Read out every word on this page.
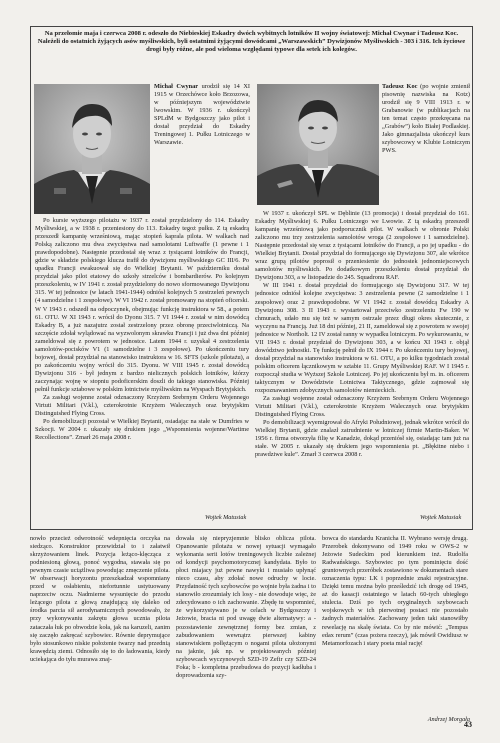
Na przełomie maja i czerwca 2008 r. odeszło do Niebieskiej Eskadry dwóch wybitnych lotników II wojny światowej: Michał Cwynar i Tadeusz Koc. Należeli do ostatnich żyjących asów myśliwskich, byli ostatnimi żyjącymi dowódcami „Warszawskich” Dywizjonów Myśliwskich - 303 i 316. Ich życiowe drogi były różne, ale pod wieloma względami typowe dla setek ich kolegów.

Michał Cwynar urodził się 14 XI 1915 w Orzechówce koło Brzozowa, w późniejszym województwie lwowskim. W 1936 r. ukończył SPLdM w Bydgoszczy jako pilot i dostał przydział do Eskadry Treningowej 1. Pułku Lotniczego w Warszawie.

Po kursie wyższego pilotażu w 1937 r. został przydzielony do 114. Eskadry Myśliwskiej, a w 1938 r. przeniesiony do 113. Eskadry tegoż pułku. Z tą eskadrą przeszedł kampanię wrześniową, mając stopień kaprala pilota. W walkach nad Polską zaliczono mu dwa zwycięstwa nad samolotami Luftwaffe (1 pewne i 1 prawdopodobne). Następnie przedostał się wraz z tysiącami lotników do Francji, gdzie w składzie polskiego klucza trafił do dywizjonu myśliwskiego GC III/6. Po upadku Francji ewakuował się do Wielkiej Brytanii. W październiku dostał przydział jako pilot etatowy do szkoły strzelców i bombardierów. Po kolejnym przeszkoleniu, w IV 1941 r. został przydzielony do nowo sformowanego Dywizjonu 315. W tej jednostce (w latach 1941-1944) odniósł kolejnych 5 zestrzeleń pewnych (4 samodzielne i 1 zespołowe). W VI 1942 r. został promowany na stopień oficerski. W V 1943 r. odszedł na odpoczynek, obejmując funkcję instruktora w 58., a potem 61. OTU. W XI 1943 r. wrócił do Dyonu 315. 7 VI 1944 r. został w nim dowódcą Eskadry B, a już nazajutrz został zestrzelony przez obronę przeciwlotniczą. Na szczęście zdołał wylądować na wyzwolonym skrawku Francji i już dwa dni później zameldował się z powrotem w jednostce. Latem 1944 r. uzyskał 4 zestrzelenia samolotów-pocisków V1 (1 samodzielne i 3 zespołowe). Po ukończeniu tury bojowej, dostał przydział na stanowisko instruktora w 16. SFTS (szkole pilotażu), a po zakończeniu wojny wrócił do 315. Dyonu. W VIII 1945 r. został dowódcą Dywizjonu 316 - był jednym z bardzo nielicznych polskich lotników, którzy zaczynając wojnę w stopniu podoficerskim doszli do takiego stanowiska. Później pełnił funkcje sztabowe w polskim lotnictwie myśliwskim na Wyspach Brytyjskich.

Za zasługi wojenne został odznaczony Krzyżem Srebrnym Orderu Wojennego Virtuti Militari (V.kl.), czterokrotnie Krzyżem Walecznych oraz brytyjskim Distinguished Flying Cross.

Po demobilizacji pozostał w Wielkiej Brytanii, osiadając na stałe w Dumfries w Szkocji. W 2004 r. ukazały się drukiem jego „Wspomnienia wojenne/Wartime Recollections”. Zmarł 26 maja 2008 r.

Wojtek Matusiak

Tadeusz Koc (po wojnie zmienił pisownię nazwiska na Kotz) urodził się 9 VIII 1913 r. w Grabanowie (w publikacjach na ten temat często przekręcana na „Grabów”) koło Białej Podlaskiej. Jako gimnazjalista ukończył kurs szybowcowy w Klubie Lotniczym PWS.

W 1937 r. ukończył SPL w Dęblinie (13 promocja) i dostał przydział do 161. Eskadry Myśliwskiej 6. Pułku Lotniczego we Lwowie. Z tą eskadrą przeszedł kampanię wrześniową jako podporucznik pilot. W walkach w obronie Polski zaliczono mu trzy zestrzelenia samolotów wroga (2 zespołowe i 1 samodzielne). Następnie przedostał się wraz z tysiącami lotników do Francji, a po jej upadku - do Wielkiej Brytanii. Dostał przydział do formującego się Dywizjonu 307, ale wkrótce wraz grupą pilotów poprosił o przeniesienie do jednostek jednomiejscowych samolotów myśliwskich. Po dodatkowym przeszkoleniu dostał przydział do Dywizjonu 303, a w listopadzie do 245. Squadronu RAF.

W III 1941 r. dostał przydział do formującego się Dywizjonu 317. W tej jednostce odniósł kolejne zwycięstwa: 3 zestrzelenia pewne (2 samodzielne i 1 zespołowe) oraz 2 prawdopodobne. W VI 1942 r. został dowódcą Eskadry A Dywizjonu 308. 3 II 1943 r. wystartował przeciwko zestrzeleniu Fw 190 w chmurach, udało mu się też w samym ostrzale przez długi okres skutecznie, z wyczynu na Francją. Już 18 dni później, 21 II, zameldował się z powrotem w swojej jednostce w Northolt. 12 IV został ranny w wypadku lotniczym. Po wykurowaniu, w VII 1943 r. dostał przydział do Dywizjonu 303, a w końcu XI 1943 r. objął dowództwo jednostki. Tę funkcję pełnił do IX 1944 r. Po ukończeniu tury bojowej, dostał przydział na stanowisko instruktora w 61. OTU, a po kilku tygodniach został polskim oficerem łącznikowym w sztabie 11. Grupy Myśliwskiej RAF. W I 1945 r. rozpoczął studia w Wyższej Szkole Lotniczej. Po jej ukończeniu był m. in. oficerem taktycznym w Dowództwie Lotnictwa Taktycznego, gdzie zajmował się rozpoznawaniem zdobycznych samolotów niemieckich.

Za zasługi wojenne został odznaczony Krzyżem Srebrnym Orderu Wojennego Virtuti Militari (V.kl.), czterokrotnie Krzyżem Walecznych oraz brytyjskim Distinguished Flying Cross.

Po demobilizacji wyemigrował do Afryki Południowej, jednak wkrótce wrócił do Wielkiej Brytanii, gdzie znalazł zatrudnienie w lotniczej firmie Martin-Baker. W 1956 r. firma otworzyła filię w Kanadzie, dokąd przeniósł się, osiadając tam już na stałe. W 2005 r. ukazały się drukiem jego wspomnienia pt. „Błękitne niebo i prawdziwe kule”. Zmarł 3 czerwca 2008 r.

Wojtek Matusiak

nowło przecież odwrotność wdepnięcia orczyka na siedząco. Konstruktor przewidział to i załatwił skrzyżowaniem linek. Pozycja leżąco-klęcząca z podniesioną głową, ponoć wygodna, stawała się po pewnym czasie uciążliwa powodując zmęczenie pilota. W obserwacji horyzontu przeszkadzał wspomniany przed w osłabieniu, niefortunnie ustytuowany naprzeciw oczu. Nadmierne wysunięcie do przodu leżącego pilota z głową znajdującą się daleko od środka parcia sił aerodynamicznych powodowało, że przy wykonywaniu zakrętu głowa ucznia pilota zataczała łuk po obwodzie koła, jak na karuzeli, zanim się zaczęło zakręcać szybowiec. Równie deprymujące było stosunkowo niskie położenie twarzy nad przednią krawędzią ziemi. Odnosiło się to do ładowania, kiedy uciekająca do tyłu murawa znaj-

dowała się niepryzjemnie blisko oblicza pilota. Opanowanie pilotażu w nowej sytuacji wymagało wykonania serii lotów treningowych liczbie zależnej od kondycji psychomotorycznej kandydata. Było to płoci miajacy już pewne nawyki i musiało upłynąć nieco czasu, aby zdołać nowe odruchy w locie. Przydatność tych szybowców po wojnie była żadna i to stanowiło zrozumiały ich losy - nie dowoduje więc, że zdecydowano o ich zachowanie. Zbędę tu wspomnieć, że wykorzystywano je w celach w Bydgoszczy i Jeżowie, bracia ni pod uwagę dwie alternatywy: a - pozostawienie zewnętrznej formy bez zmian, z zabudowaniem wewnątrz pierwszej kabiny stanowiskiem połlężącym o nogami pilota ułożonymi na jaknie, jak np. w projektowanych później szybowcach wyczynowych SZD-19 Zefir czy SZD-24 Foka; b - kompletna przebudowa do pozycji kadłuba i doprowadzenia szy-

bowca do standardu Kranicha II. Wybrano wersję drugą. Przerobek dokonywano od 1949 roku w OWS-2 w Jeżowie Sudeckim pod kierunkiem inż. Rudolfa Radwańskiego. Szybowiec po tym pominięciu dość gruntownych przeróbek zostawiono w dokumentach stare oznaczenia typu: LK i poprzednie znaki rejestracyjne. Dzięki temu można było prześledzić ich drogę od 1945, aż do kasacji ostatniego w latach 60-tych ubiegłego stulecia. Dziś po tych oryginalnych szybowcach wojskowych w ich pierwotnej postaci nie pozostało żadnych materiałów. Zachowany jeden taki stanowiłby rewelację na skalę świata. Co by nie mówić: „Tempus edax rerum” (czas pożera rzeczy), jak mówił Owidiusz w Metamorfozach i stary poeta miał rację!

Andrzej Morgała
43
